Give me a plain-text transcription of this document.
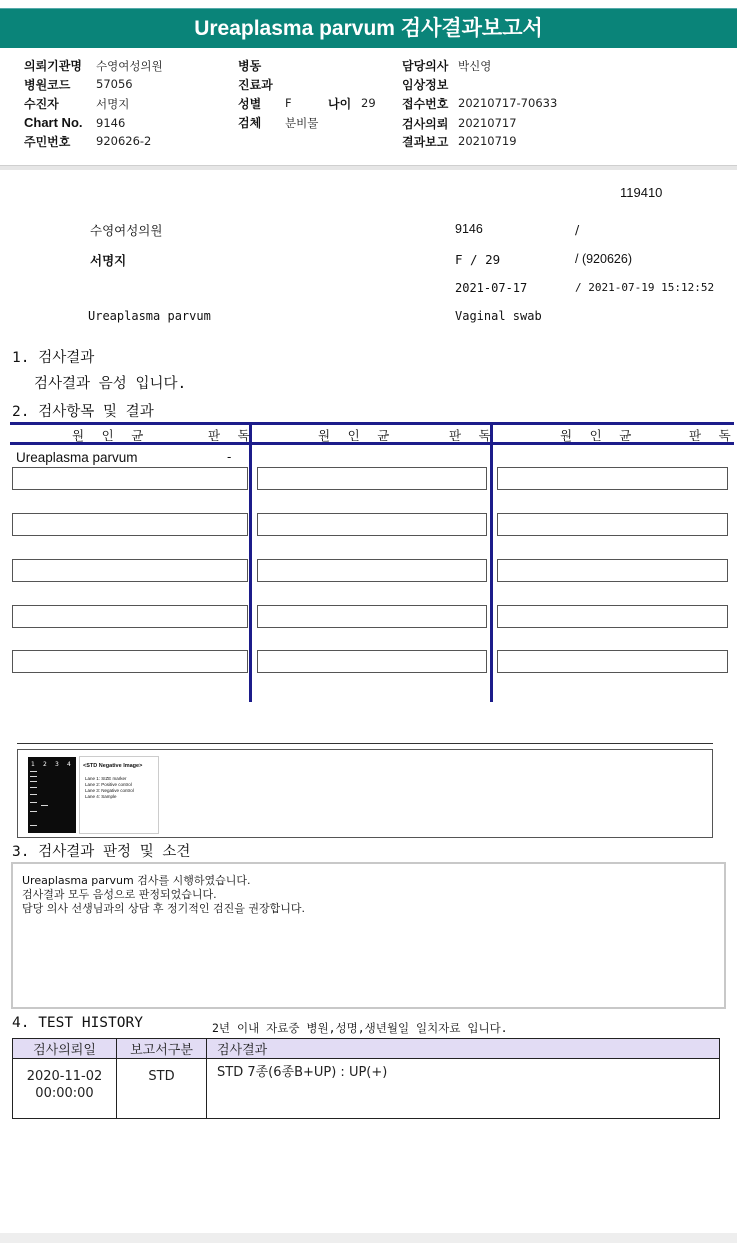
Ureaplasma parvum 검사결과보고서
의뢰기관명 수영여성의원
병원코드 57056
수진자	서명지
Chart No. 9146
주민번호 920626-2
병동
진료과
성별 F	나이 29
검체 분비물
담당의사 박신영
임상정보
접수번호 20210717-70633
검사의뢰 20210717
결과보고 20210719
119410
수영여성의원	9146	/
서명지	F / 29	/ (920626)
2021-07-17	/ 2021-07-19 15:12:52
Ureaplasma parvum	Vaginal swab
1. 검사결과
검사결과 음성 입니다.
2. 검사항목 및 결과
원 인 균	판 독	원 인 균	판 독	원 인 균	판 독
Ureaplasma parvum	-
1 2 3 4 <STD Negative Image>
Lane 1: SIZE marker
Lane 2: Positive control
Lane 3: Negative control
Lane 4: Sample
3. 검사결과 판정 및 소견
Ureaplasma parvum 검사를 시행하였습니다.
검사결과 모두 음성으로 판정되었습니다.
담당 의사 선생님과의 상담 후 정기적인 검진을 권장합니다.
4. TEST HISTORY	2년 이내 자료중 병원,성명,생년월일 일치자료 입니다.
검사의뢰일	보고서구분	검사결과

2020-11-02
00:00:00	STD	STD 7종(6종B+UP) : UP(+)
